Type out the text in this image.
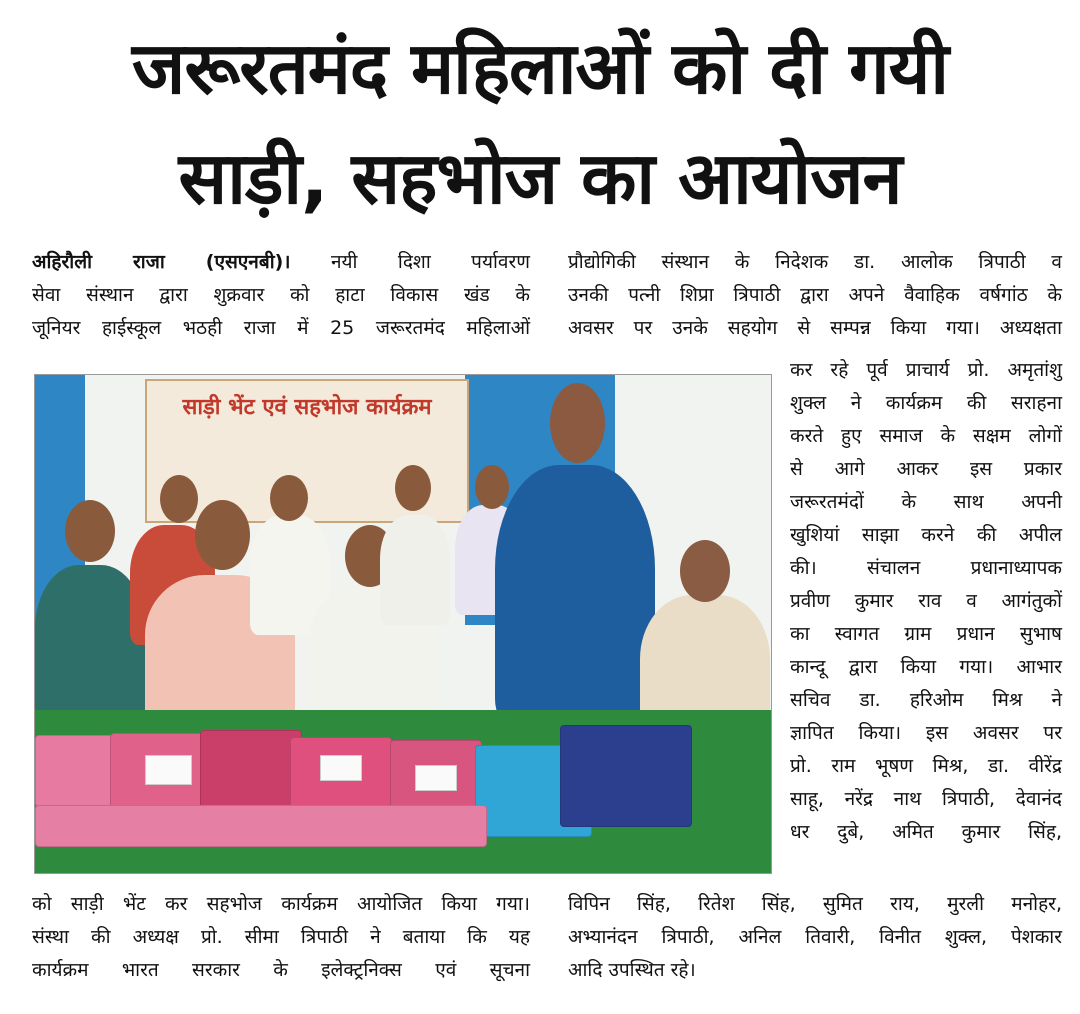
जरूरतमंद महिलाओं को दी गयी
साड़ी, सहभोज का आयोजन

अहिरौली राजा (एसएनबी)। नयी दिशा पर्यावरण

सेवा संस्थान द्वारा शुक्रवार को हाटा विकास खंड के

जूनियर हाईस्कूल भठही राजा में 25 जरूरतमंद महिलाओं

प्रौद्योगिकी संस्थान के निदेशक डा. आलोक त्रिपाठी व

उनकी पत्नी शिप्रा त्रिपाठी द्वारा अपने वैवाहिक वर्षगांठ के

अवसर पर उनके सहयोग से सम्पन्न किया गया। अध्यक्षता

कर रहे पूर्व प्राचार्य प्रो. अमृतांशु

शुक्ल ने कार्यक्रम की सराहना

करते हुए समाज के सक्षम लोगों

से आगे आकर इस प्रकार

जरूरतमंदों के साथ अपनी

खुशियां साझा करने की अपील

की। संचालन प्रधानाध्यापक

प्रवीण कुमार राव व आगंतुकों

का स्वागत ग्राम प्रधान सुभाष

कान्दू द्वारा किया गया। आभार

सचिव डा. हरिओम मिश्र ने

ज्ञापित किया। इस अवसर पर

प्रो. राम भूषण मिश्र, डा. वीरेंद्र

साहू, नरेंद्र नाथ त्रिपाठी, देवानंद

धर दुबे, अमित कुमार सिंह,

साड़ी भेंट एवं सहभोज कार्यक्रम

को साड़ी भेंट कर सहभोज कार्यक्रम आयोजित किया गया।

संस्था की अध्यक्ष प्रो. सीमा त्रिपाठी ने बताया कि यह

कार्यक्रम भारत सरकार के इलेक्ट्रनिक्स एवं सूचना

विपिन सिंह, रितेश सिंह, सुमित राय, मुरली मनोहर,

अभ्यानंदन त्रिपाठी, अनिल तिवारी, विनीत शुक्ल, पेशकार

आदि उपस्थित रहे।
